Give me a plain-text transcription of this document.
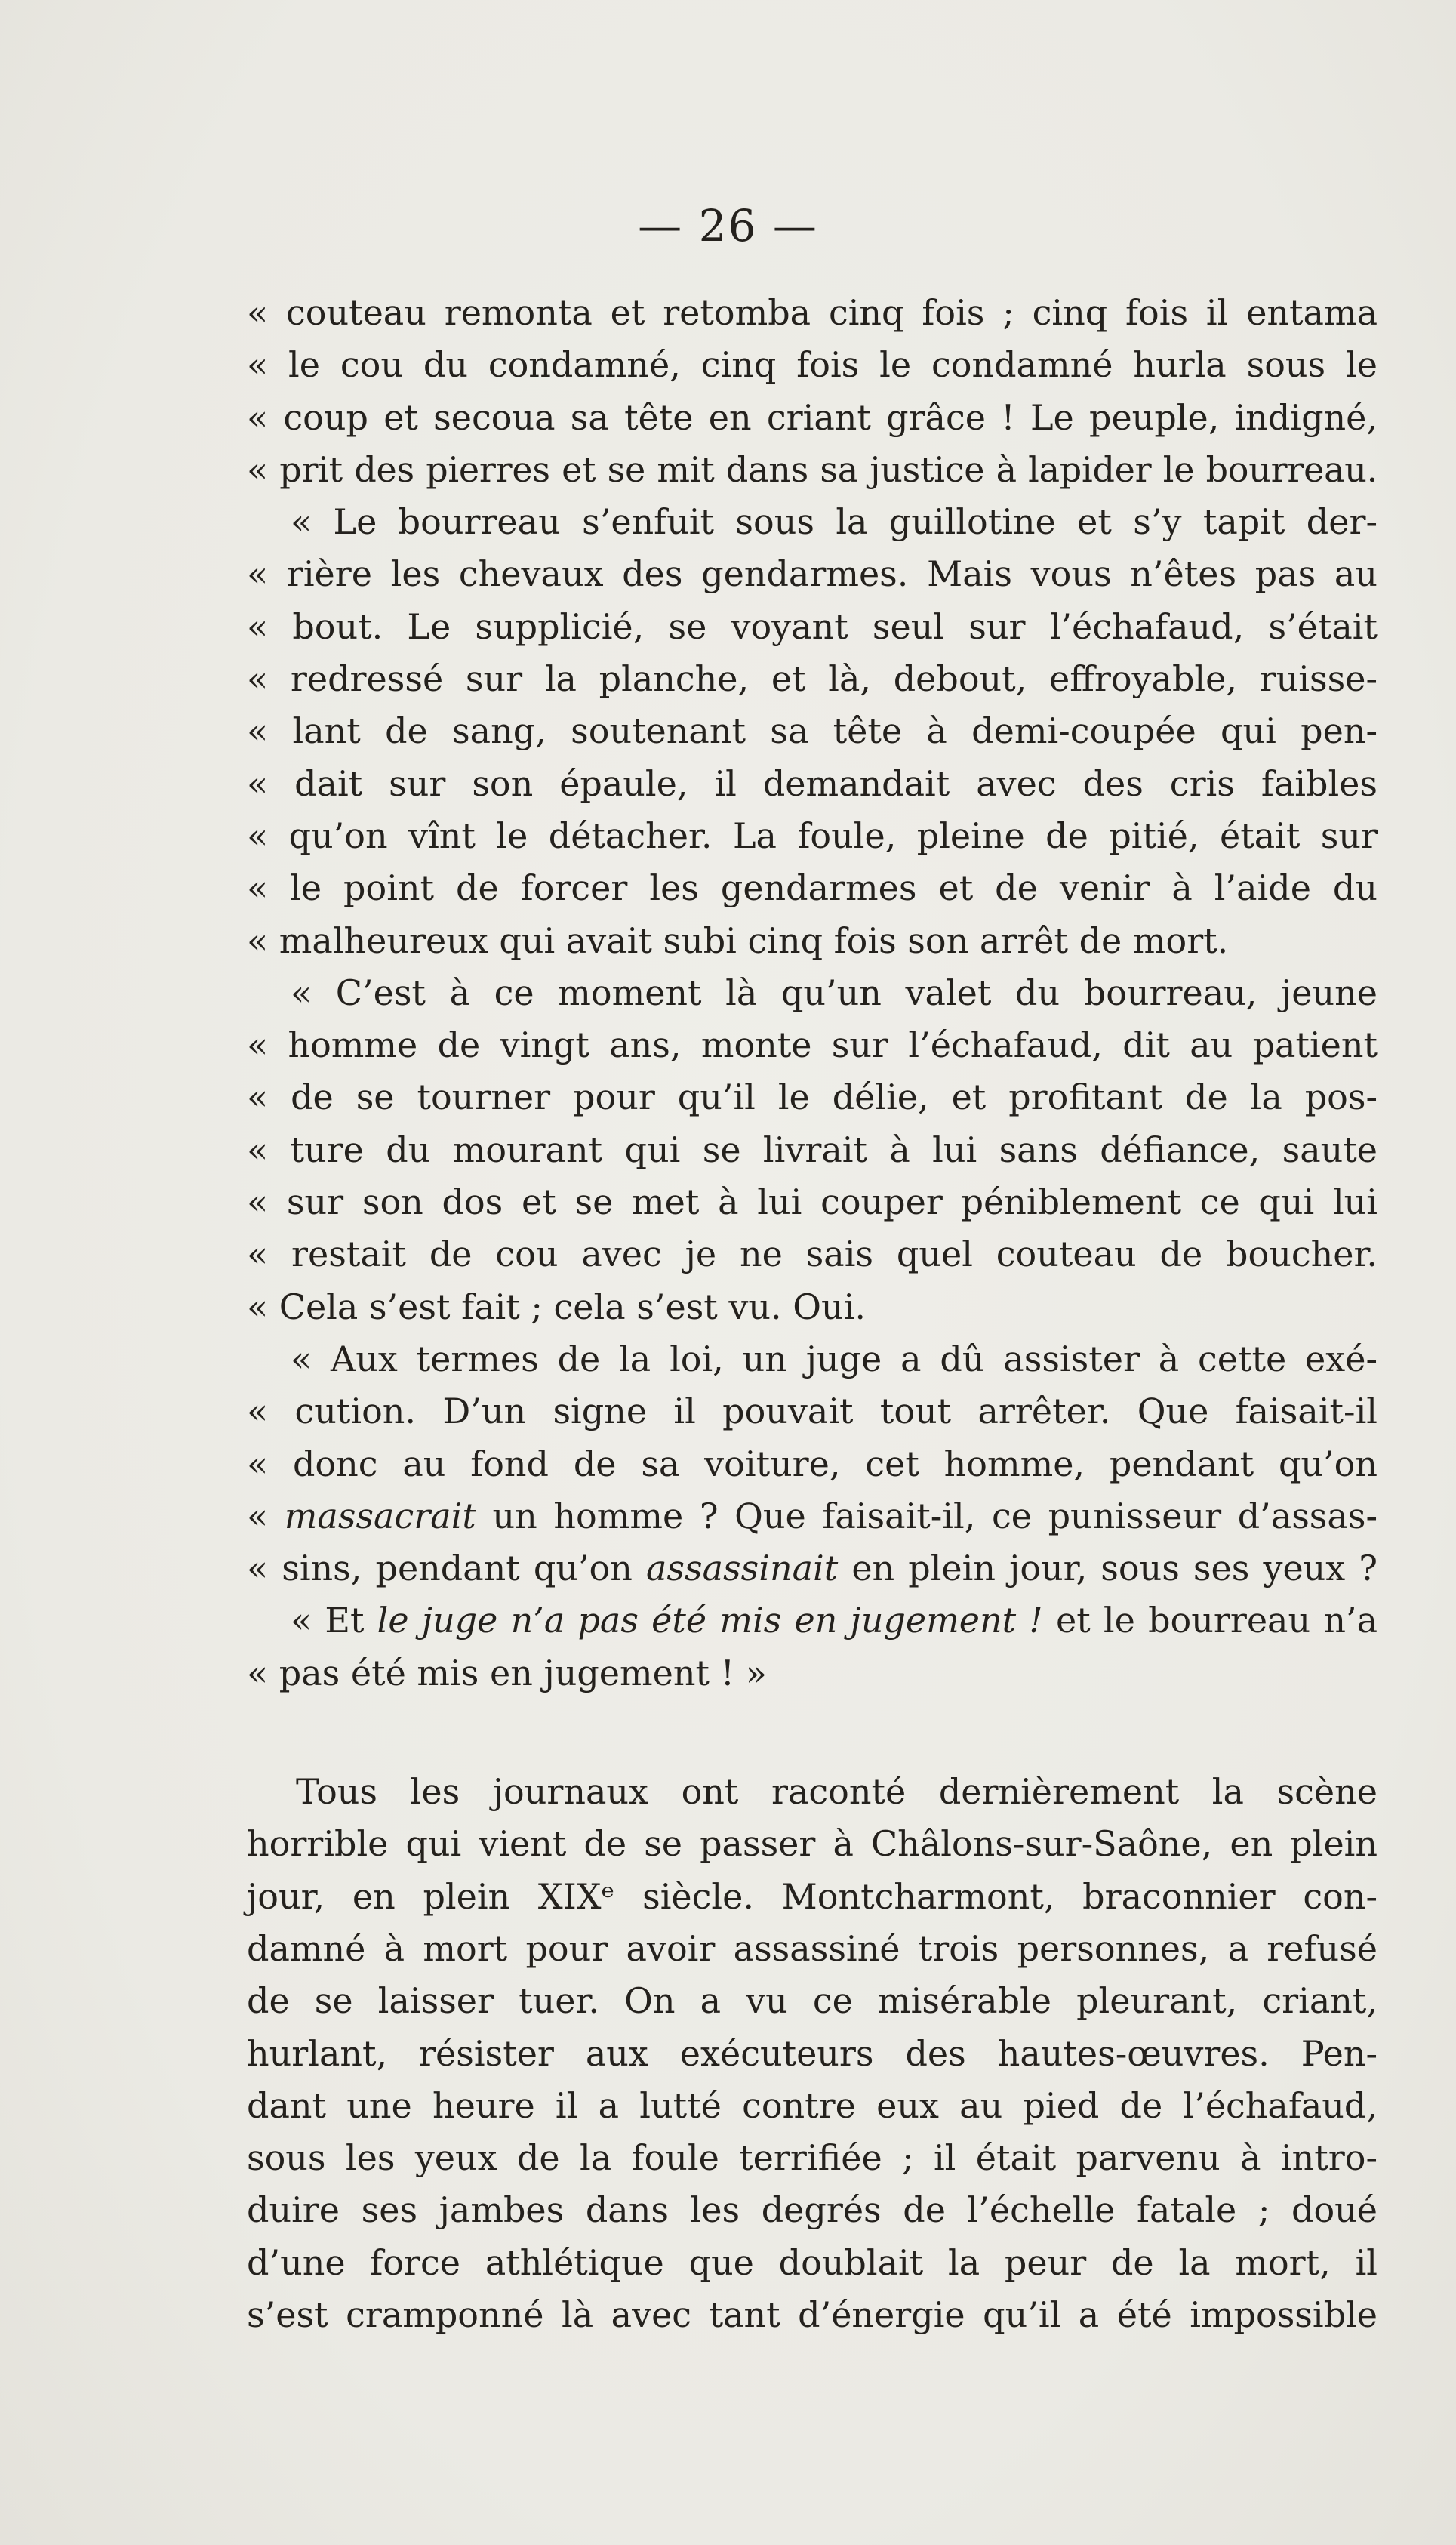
— 26 —
« couteau remonta et retomba cinq fois ; cinq fois il entama
« le cou du condamné, cinq fois le condamné hurla sous le
« coup et secoua sa tête en criant grâce ! Le peuple, indigné,
« prit des pierres et se mit dans sa justice à lapider le bourreau.
« Le bourreau s’enfuit sous la guillotine et s’y tapit der-
« rière les chevaux des gendarmes. Mais vous n’êtes pas au
« bout. Le supplicié, se voyant seul sur l’échafaud, s’était
« redressé sur la planche, et là, debout, effroyable, ruisse-
« lant de sang, soutenant sa tête à demi-coupée qui pen-
« dait sur son épaule, il demandait avec des cris faibles
« qu’on vînt le détacher. La foule, pleine de pitié, était sur
« le point de forcer les gendarmes et de venir à l’aide du
« malheureux qui avait subi cinq fois son arrêt de mort.
« C’est à ce moment là qu’un valet du bourreau, jeune
« homme de vingt ans, monte sur l’échafaud, dit au patient
« de se tourner pour qu’il le délie, et profitant de la pos-
« ture du mourant qui se livrait à lui sans défiance, saute
« sur son dos et se met à lui couper péniblement ce qui lui
« restait de cou avec je ne sais quel couteau de boucher.
« Cela s’est fait ; cela s’est vu. Oui.
« Aux termes de la loi, un juge a dû assister à cette exé-
« cution. D’un signe il pouvait tout arrêter. Que faisait-il
« donc au fond de sa voiture, cet homme, pendant qu’on
« massacrait un homme ? Que faisait-il, ce punisseur d’assas-
« sins, pendant qu’on assassinait en plein jour, sous ses yeux ?
« Et le juge n’a pas été mis en jugement ! et le bourreau n’a
« pas été mis en jugement ! »
Tous les journaux ont raconté dernièrement la scène
horrible qui vient de se passer à Châlons-sur-Saône, en plein
jour, en plein XIXᵉ siècle. Montcharmont, braconnier con-
damné à mort pour avoir assassiné trois personnes, a refusé
de se laisser tuer. On a vu ce misérable pleurant, criant,
hurlant, résister aux exécuteurs des hautes-œuvres. Pen-
dant une heure il a lutté contre eux au pied de l’échafaud,
sous les yeux de la foule terrifiée ; il était parvenu à intro-
duire ses jambes dans les degrés de l’échelle fatale ; doué
d’une force athlétique que doublait la peur de la mort, il
s’est cramponné là avec tant d’énergie qu’il a été impossible
